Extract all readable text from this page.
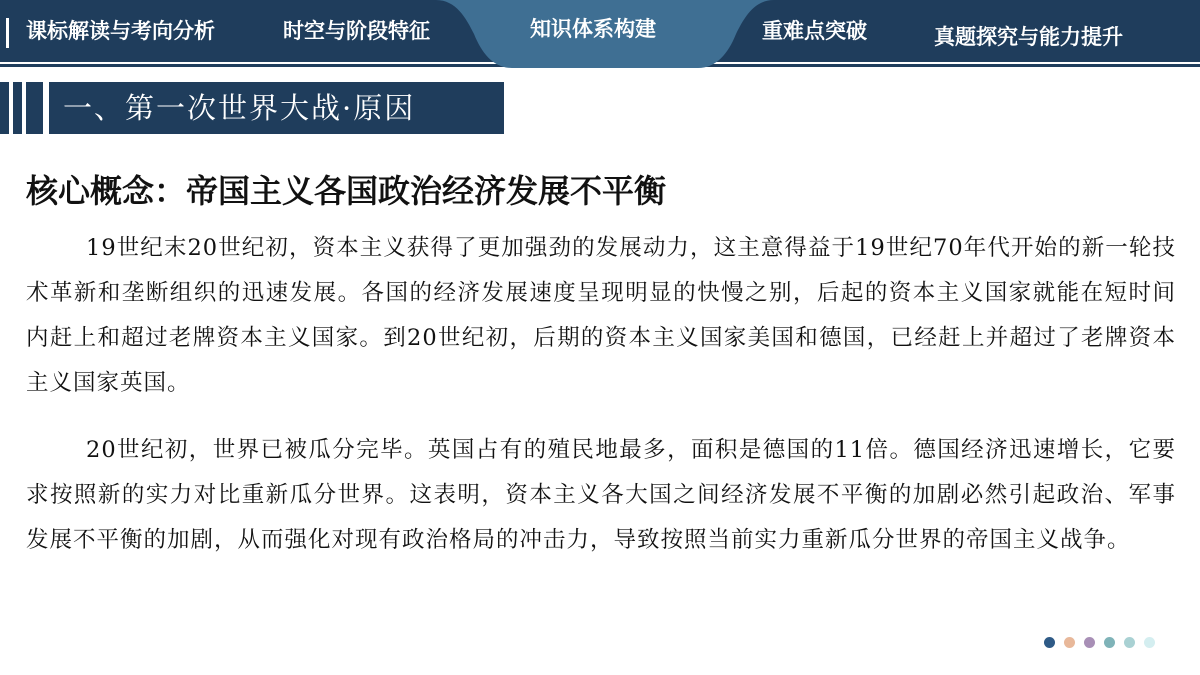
课标解读与考向分析	时空与阶段特征	知识体系构建	重难点突破	真题探究与能力提升
一、第一次世界大战·原因
核心概念：帝国主义各国政治经济发展不平衡

19世纪末20世纪初，资本主义获得了更加强劲的发展动力，这主意得益于19世纪70年代开始的新一轮技术革新和垄断组织的迅速发展。各国的经济发展速度呈现明显的快慢之别，后起的资本主义国家就能在短时间内赶上和超过老牌资本主义国家。到20世纪初，后期的资本主义国家美国和德国，已经赶上并超过了老牌资本主义国家英国。

20世纪初，世界已被瓜分完毕。英国占有的殖民地最多，面积是德国的11倍。德国经济迅速增长，它要求按照新的实力对比重新瓜分世界。这表明，资本主义各大国之间经济发展不平衡的加剧必然引起政治、军事发展不平衡的加剧，从而强化对现有政治格局的冲击力，导致按照当前实力重新瓜分世界的帝国主义战争。
